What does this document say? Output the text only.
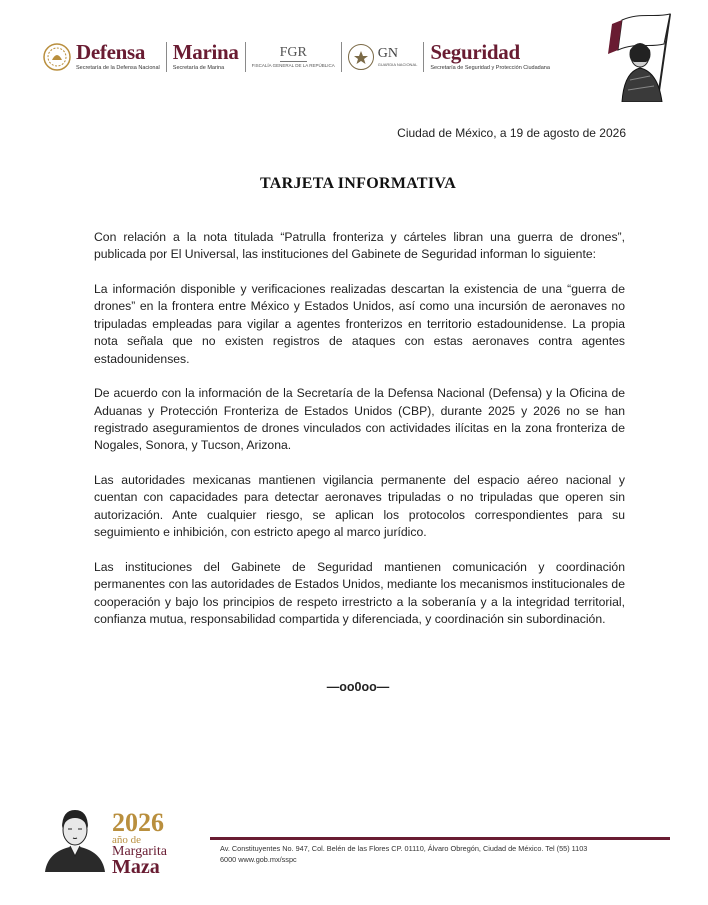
Defensa
Secretaría de la Defensa Nacional
Marina
Secretaría de Marina
FGR
FISCALÍA GENERAL DE LA REPÚBLICA
GN
GUARDIA NACIONAL
Seguridad
Secretaría de Seguridad y Protección Ciudadana
Ciudad de México, a 19 de agosto de 2026
TARJETA INFORMATIVA

Con relación a la nota titulada “Patrulla fronteriza y cárteles libran una guerra de drones”, publicada por El Universal, las instituciones del Gabinete de Seguridad informan lo siguiente:

La información disponible y verificaciones realizadas descartan la existencia de una “guerra de drones” en la frontera entre México y Estados Unidos, así como una incursión de aeronaves no tripuladas empleadas para vigilar a agentes fronterizos en territorio estadounidense. La propia nota señala que no existen registros de ataques con estas aeronaves contra agentes estadounidenses.

De acuerdo con la información de la Secretaría de la Defensa Nacional (Defensa) y la Oficina de Aduanas y Protección Fronteriza de Estados Unidos (CBP), durante 2025 y 2026 no se han registrado aseguramientos de drones vinculados con actividades ilícitas en la zona fronteriza de Nogales, Sonora, y Tucson, Arizona.

Las autoridades mexicanas mantienen vigilancia permanente del espacio aéreo nacional y cuentan con capacidades para detectar aeronaves tripuladas o no tripuladas que operen sin autorización. Ante cualquier riesgo, se aplican los protocolos correspondientes para su seguimiento e inhibición, con estricto apego al marco jurídico.

Las instituciones del Gabinete de Seguridad mantienen comunicación y coordinación permanentes con las autoridades de Estados Unidos, mediante los mecanismos institucionales de cooperación y bajo los principios de respeto irrestricto a la soberanía y a la integridad territorial, confianza mutua, responsabilidad compartida y diferenciada, y coordinación sin subordinación.

—oo0oo—
2026
año de
Margarita
Maza
Av. Constituyentes No. 947, Col. Belén de las Flores CP. 01110, Álvaro Obregón, Ciudad de México. Tel (55) 1103
6000 www.gob.mx/sspc
